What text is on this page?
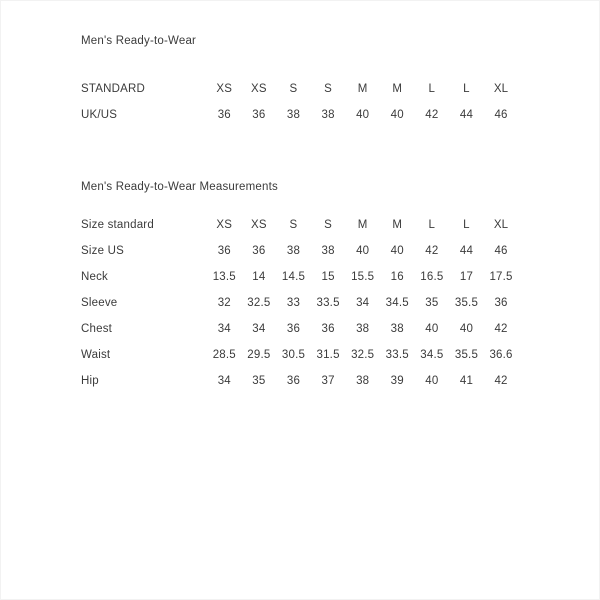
Men's Ready-to-Wear
STANDARD	XS	XS	S	S	M	M	L	L	XL
UK/US	36	36	38	38	40	40	42	44	46
Men's Ready-to-Wear Measurements
Size standard	XS	XS	S	S	M	M	L	L	XL
Size US	36	36	38	38	40	40	42	44	46
Neck	13.5	14	14.5	15	15.5	16	16.5	17	17.5
Sleeve	32	32.5	33	33.5	34	34.5	35	35.5	36
Chest	34	34	36	36	38	38	40	40	42
Waist	28.5	29.5	30.5	31.5	32.5	33.5	34.5	35.5	36.6
Hip	34	35	36	37	38	39	40	41	42
